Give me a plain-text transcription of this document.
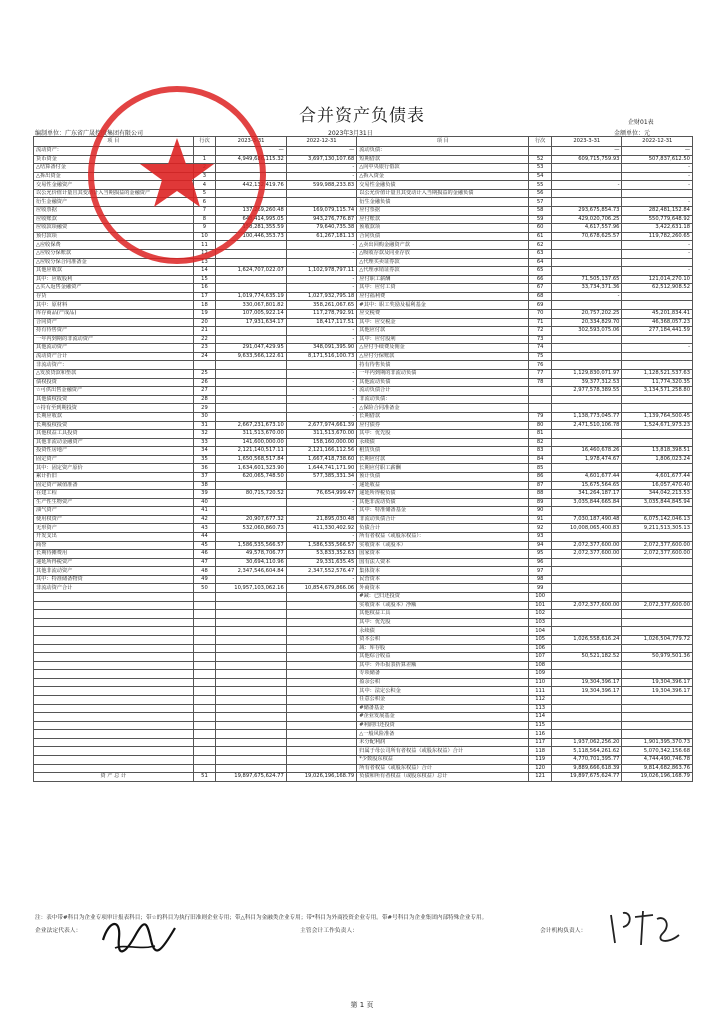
合并资产负债表	企财01表
金额单位：元
编制单位：广东省广晟控股集团有限公司	2023年3月31日
项 目	行次	2023-3-31	2022-12-31	项 目	行次	2023-3-31	2022-12-31
流动资产：		—	—	流动负债：		—	—
货币资金	1	4,949,686,115.32	3,697,130,107.68	短期借款	52	609,715,759.93	507,837,612.50
△结算备付金			-	△向中央银行借款	53		-
△拆出资金	3		-	△拆入资金	54		-
交易性金融资产	4	442,132,419.76	599,988,233.83	交易性金融负债	55	-	-
以公允价值计量且其变动计入当期损益的金融资产	5			以公允价值计量且其变动计入当期损益的金融负债	56		
衍生金融资产	6			衍生金融负债	57		-
应收票据	7	137,269,260.48	169,079,115.74	应付票据	58	293,675,854.73	282,481,152.84
应收账款	8	648,414,995.05	943,276,776.87	应付账款	59	429,020,706.25	550,779,648.92
应收款项融资	9	158,281,355.59	79,640,735.38	预收款项	60	4,617,557.96	3,422,631.18
预付款项	10	100,446,353.73	61,267,181.13	合同负债	61	70,678,625.57	119,782,260.65
△应收保费	11		-	△卖出回购金融资产款	62		-
△应收分保账款	12		-	△吸收存款及同业存放	63		-
△应收分保合同准备金	13			△代理买卖证券款	64		
其他应收款	14	1,624,707,022.07	1,102,978,797.11	△代理承销证券款	65		-
其中：应收股利	15		-	应付职工薪酬	66	71,505,137.65	121,014,270.10
△买入返售金融资产	16		-	其中：应付工资	67	33,734,371.36	62,512,908.52
存货	17	1,019,774,635.19	1,027,932,795.18	应付福利费	68	-	
其中：原材料	18	330,067,801.82	358,261,067.65	#其中：职工奖励及福利基金	69		
库存商品(产成品)	19	107,005,922.14	117,278,792.91	应交税费	70	20,757,202.25	45,201,834.41
合同资产	20	17,931,634.17	18,417,117.51	其中：应交税金	71	20,334,829.70	46,368,057.23
持有待售资产	21		-	其他应付款	72	302,593,075.06	277,184,441.59
一年内到期的非流动资产	22		-	其中：应付股利	73		
其他流动资产	23	291,047,429.95	348,091,395.90	△应付手续费及佣金	74		-
流动资产合计	24	9,633,566,122.61	8,171,516,100.73	△应付分保账款	75		
非流动资产：				持有待售负债	76		
△发放贷款和垫款	25		-	一年内到期的非流动负债	77	1,129,830,071.97	1,128,521,537.63
债权投资	26		-	其他流动负债	78	39,377,312.53	11,774,320.35
☆可供出售金融资产	27		-	流动负债合计		2,977,578,389.55	3,134,571,258.80
其他债权投资	28		-	非流动负债：			
☆持有至到期投资	29		-	△保险合同准备金			
长期应收款	30		-	长期借款	79	1,138,773,045.77	1,139,764,500.45
长期股权投资	31	2,667,231,673.10	2,677,974,661.39	应付债券	80	2,471,510,106.78	1,524,671,973.23
其他权益工具投资	32	311,513,670.00	311,513,670.00	其中：优先股	81		
其他非流动金融资产	33	141,600,000.00	158,160,000.00	永续债	82		
投资性房地产	34	2,121,140,517.11	2,121,166,112.56	租赁负债	83	16,460,678.26	13,818,398.51
固定资产	35	1,650,568,517.84	1,667,418,738.60	长期应付款	84	1,978,474.67	1,806,023.24
其中：固定资产原价	36	1,634,601,323.90	1,644,741,171.90	长期应付职工薪酬	85		
累计折旧	37	620,065,748.50	577,385,331.34	预计负债	86	4,601,677.44	4,601,677.44
固定资产减值准备	38		-	递延收益	87	15,675,564.65	16,057,470.40
在建工程	39	80,715,720.52	76,654,999.47	递延所得税负债	88	341,264,187.17	344,042,213.53
生产性生物资产	40		-	其他非流动负债	89	3,035,844,665.84	3,035,844,845.94
油气资产	41		-	其中：特准储备基金	90		
使用权资产	42	20,907,677.32	21,895,030.48	非流动负债合计	91	7,030,187,490.48	6,075,142,046.13
无形资产	43	532,060,860.73	411,330,402.92	负债合计	92	10,008,065,400.83	9,211,513,305.13
开发支出	44		-	所有者权益（或股东权益）：	93		
商誉	45	1,586,535,566.57	1,586,535,566.57	实收资本（或股本）	94	2,072,377,600.00	2,072,377,600.00
长期待摊费用	46	49,578,706.77	53,833,352.63	国家资本	95	2,072,377,600.00	2,072,377,600.00
递延所得税资产	47	30,694,110.96	29,331,635.45	国有法人资本	96		
其他非流动资产	48	2,347,546,604.84	2,347,552,576.47	集体资本	97		
其中：特准储备物资	49		-	民营资本	98		
非流动资产合计	50	10,957,103,062.16	10,854,679,866.06	外商资本	99		
				#减：已归还投资	100		
				实收资本（或股本）净额	101	2,072,377,600.00	2,072,377,600.00
				其他权益工具	102		
				其中：优先股	103		
				永续债	104		
				资本公积	105	1,026,558,616.24	1,026,504,779.72
				减：库存股	106		
				其他综合收益	107	50,521,182.52	50,979,501.36
				其中：外币报表折算差额	108		
				专项储备	109		
				盈余公积	110	19,304,396.17	19,304,396.17
				其中：法定公积金	111	19,304,396.17	19,304,396.17
				任意公积金	112		
				#储备基金	113		
				#企业发展基金	114		
				#利润归还投资	115		
				△一般风险准备	116		
				未分配利润	117	1,937,062,256.20	1,901,395,370.73
				归属于母公司所有者权益（或股东权益）合计	118	5,118,564,261.62	5,070,342,156.68
				*少数股东权益	119	4,770,701,395.77	4,744,490,746.78
				所有者权益（或股东权益）合计	120	9,889,666,618.39	9,814,682,863.76
资 产 总 计	51	19,897,675,624.77	19,026,196,168.79	负债和所有者权益（或股东权益）总计	121	19,897,675,624.77	19,026,196,168.79
注：表中带#科目为企业专项审计报表科目；带☆的科目为执行旧准则企业专用；带△科目为金融类企业专用；带*科目为外商投资企业专用。带#号科目为企业集团内部特殊企业专用。
企业法定代表人：	主管会计工作负责人：	会计机构负责人：
第 1 页
